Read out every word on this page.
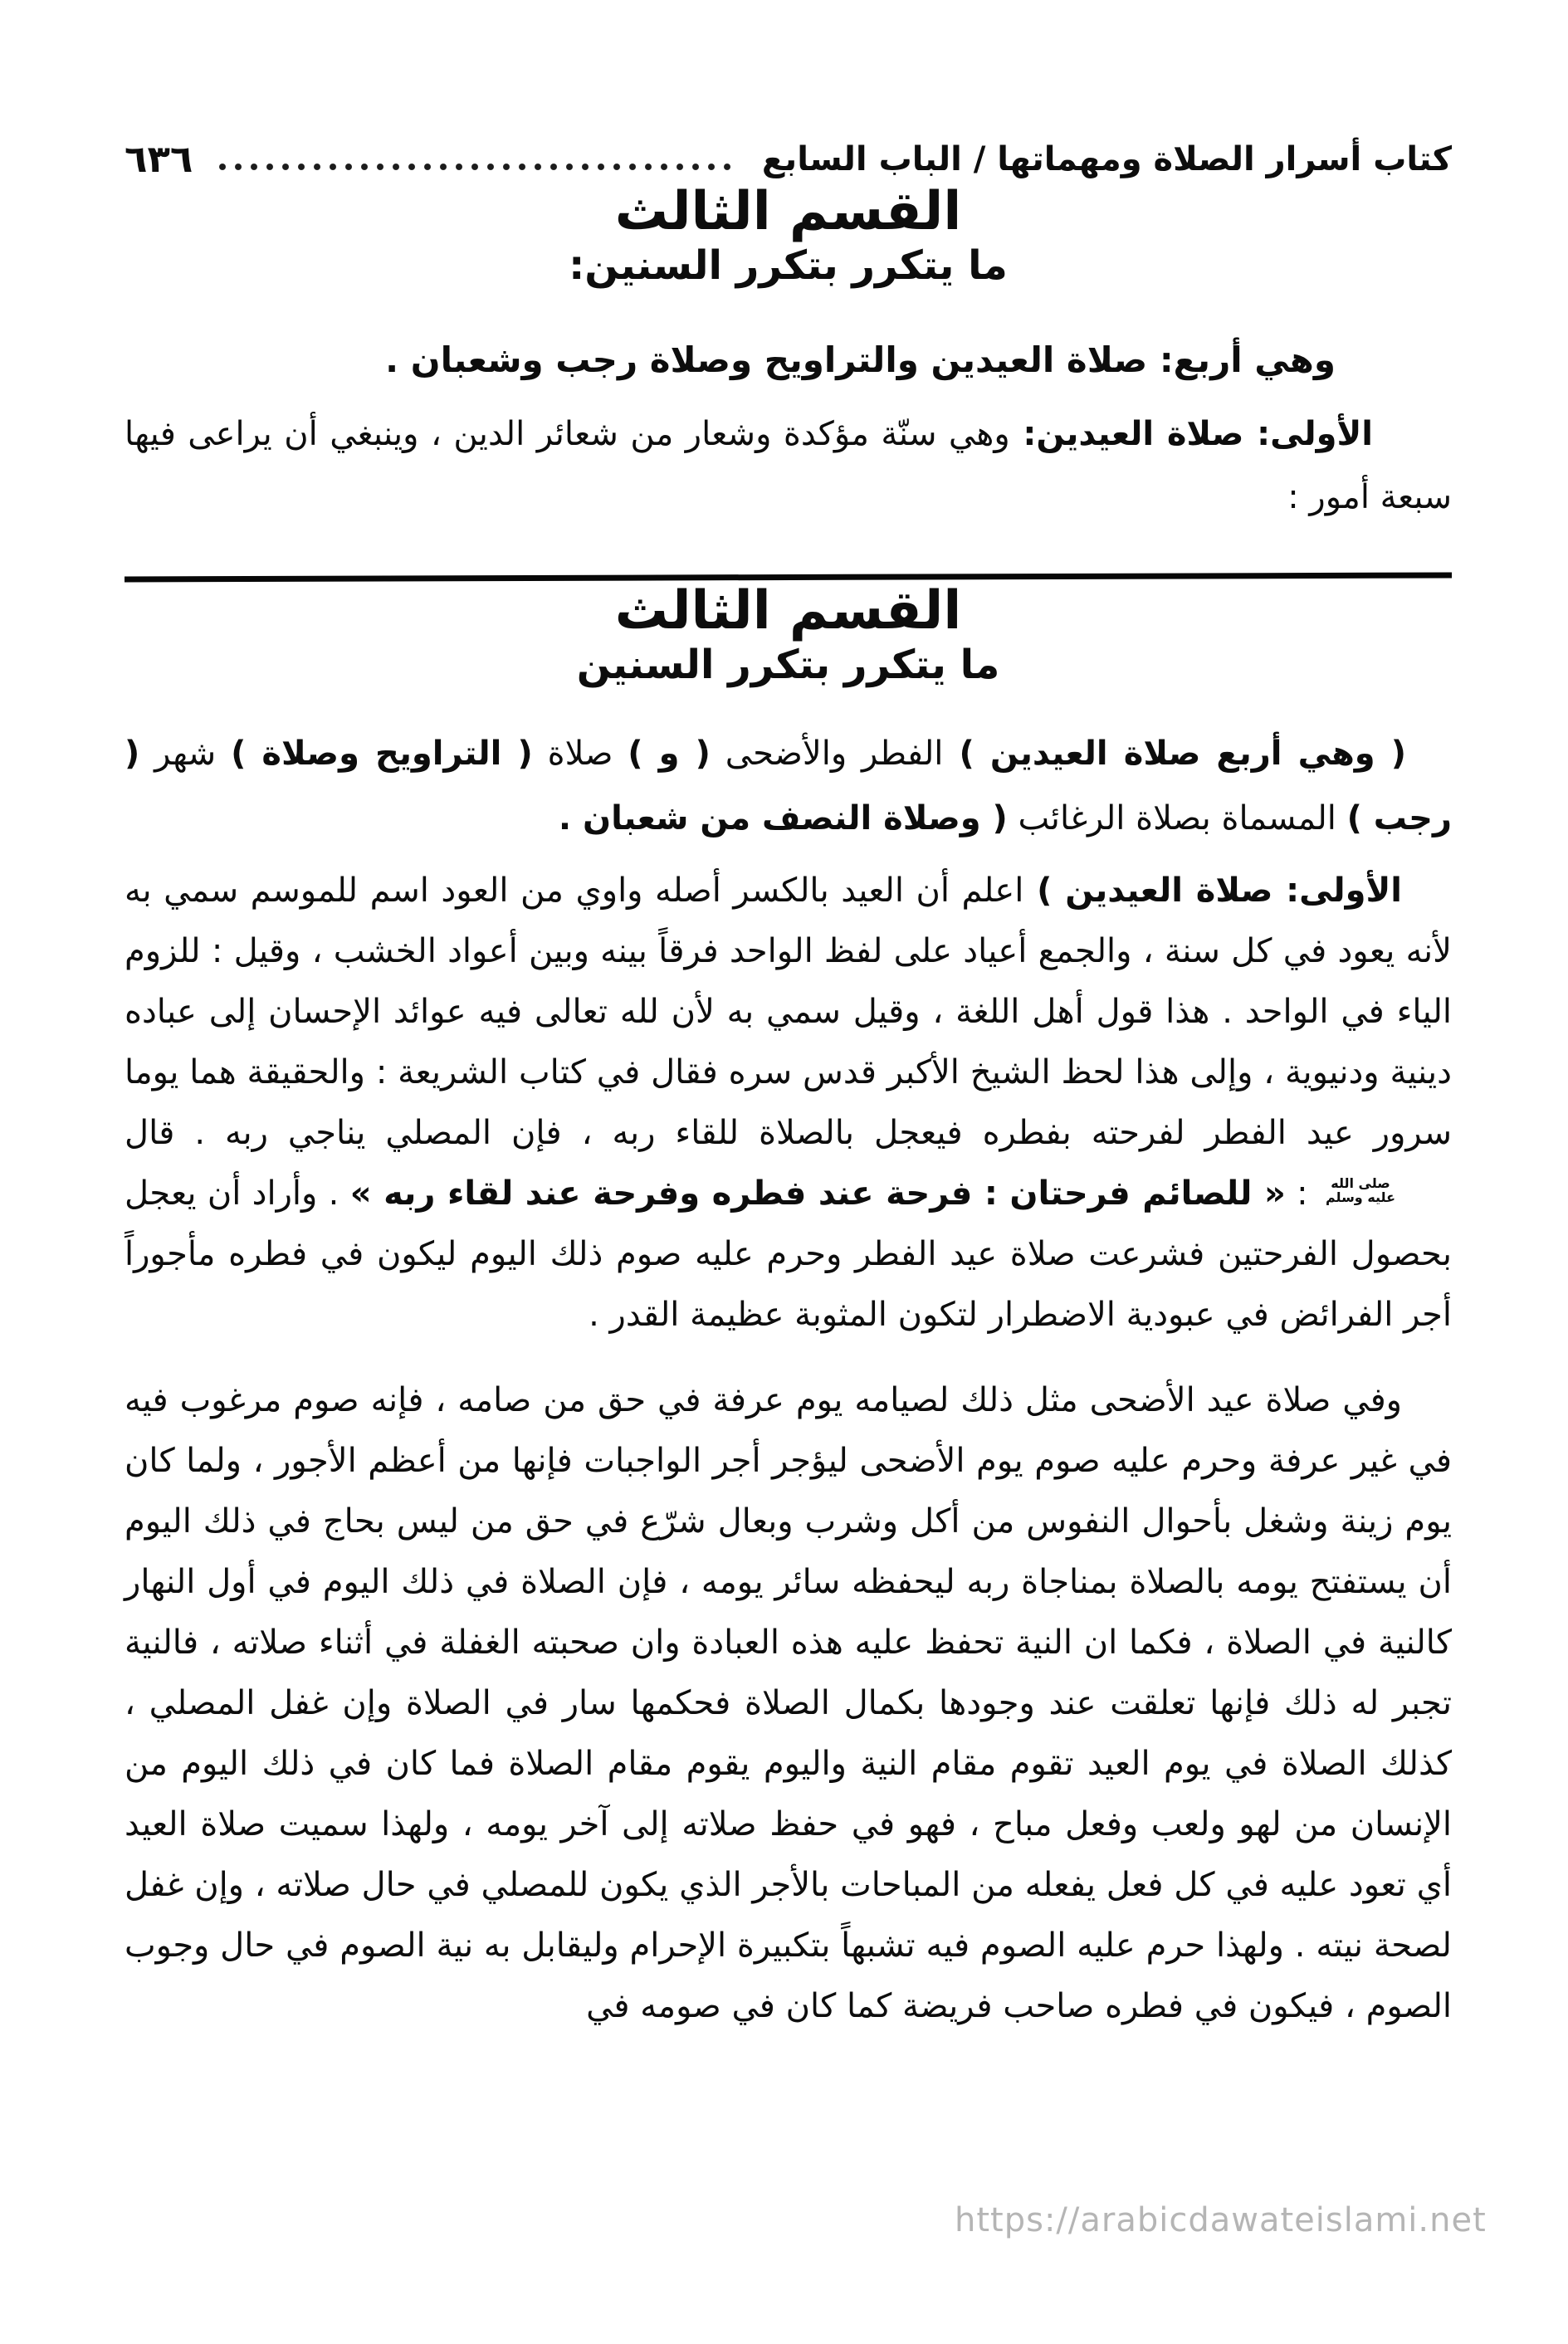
كتاب أسرار الصلاة ومهماتها / الباب السابع
٦٣٦
القسم الثالث
ما يتكرر بتكرر السنين:

وهي أربع: صلاة العيدين والتراويح وصلاة رجب وشعبان .

الأولى: صلاة العيدين: وهي سنّة مؤكدة وشعار من شعائر الدين ، وينبغي أن يراعى فيها سبعة أمور :

القسم الثالث
ما يتكرر بتكرر السنين

( وهي أربع صلاة العيدين ) الفطر والأضحى ( و ) صلاة ( التراويح وصلاة ) شهر ( رجب ) المسماة بصلاة الرغائب ( وصلاة النصف من شعبان .

الأولى: صلاة العيدين ) اعلم أن العيد بالكسر أصله واوي من العود اسم للموسم سمي به لأنه يعود في كل سنة ، والجمع أعياد على لفظ الواحد فرقاً بينه وبين أعواد الخشب ، وقيل : للزوم الياء في الواحد . هذا قول أهل اللغة ، وقيل سمي به لأن لله تعالى فيه عوائد الإحسان إلى عباده دينية ودنيوية ، وإلى هذا لحظ الشيخ الأكبر قدس سره فقال في كتاب الشريعة : والحقيقة هما يوما سرور عيد الفطر لفرحته بفطره فيعجل بالصلاة للقاء ربه ، فإن المصلي يناجي ربه . قال
صلى الله
عليه وسلم
: « للصائم فرحتان : فرحة عند فطره وفرحة عند لقاء ربه » . وأراد أن يعجل بحصول الفرحتين فشرعت صلاة عيد الفطر وحرم عليه صوم ذلك اليوم ليكون في فطره مأجوراً أجر الفرائض في عبودية الاضطرار لتكون المثوبة عظيمة القدر .

وفي صلاة عيد الأضحى مثل ذلك لصيامه يوم عرفة في حق من صامه ، فإنه صوم مرغوب فيه في غير عرفة وحرم عليه صوم يوم الأضحى ليؤجر أجر الواجبات فإنها من أعظم الأجور ، ولما كان يوم زينة وشغل بأحوال النفوس من أكل وشرب وبعال شرّع في حق من ليس بحاج في ذلك اليوم أن يستفتح يومه بالصلاة بمناجاة ربه ليحفظه سائر يومه ، فإن الصلاة في ذلك اليوم في أول النهار كالنية في الصلاة ، فكما ان النية تحفظ عليه هذه العبادة وان صحبته الغفلة في أثناء صلاته ، فالنية تجبر له ذلك فإنها تعلقت عند وجودها بكمال الصلاة فحكمها سار في الصلاة وإن غفل المصلي ، كذلك الصلاة في يوم العيد تقوم مقام النية واليوم يقوم مقام الصلاة فما كان في ذلك اليوم من الإنسان من لهو ولعب وفعل مباح ، فهو في حفظ صلاته إلى آخر يومه ، ولهذا سميت صلاة العيد أي تعود عليه في كل فعل يفعله من المباحات بالأجر الذي يكون للمصلي في حال صلاته ، وإن غفل لصحة نيته . ولهذا حرم عليه الصوم فيه تشبهاً بتكبيرة الإحرام وليقابل به نية الصوم في حال وجوب الصوم ، فيكون في فطره صاحب فريضة كما كان في صومه في

https://arabicdawateislami.net
